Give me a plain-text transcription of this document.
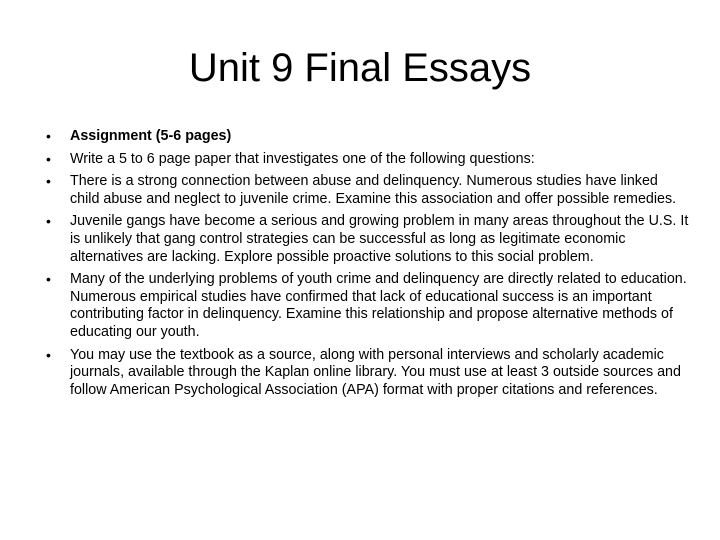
Unit 9 Final Essays
•	Assignment (5-6 pages)
•	Write a 5 to 6 page paper that investigates one of the following questions:
•	There is a strong connection between abuse and delinquency. Numerous studies have linked child abuse and neglect to juvenile crime. Examine this association and offer possible remedies.
•	Juvenile gangs have become a serious and growing problem in many areas throughout the U.S. It is unlikely that gang control strategies can be successful as long as legitimate economic alternatives are lacking. Explore possible proactive solutions to this social problem.
•	Many of the underlying problems of youth crime and delinquency are directly related to education. Numerous empirical studies have confirmed that lack of educational success is an important contributing factor in delinquency. Examine this relationship and propose alternative methods of educating our youth.
•	You may use the textbook as a source, along with personal interviews and scholarly academic journals, available through the Kaplan online library. You must use at least 3 outside sources and follow American Psychological Association (APA) format with proper citations and references.
